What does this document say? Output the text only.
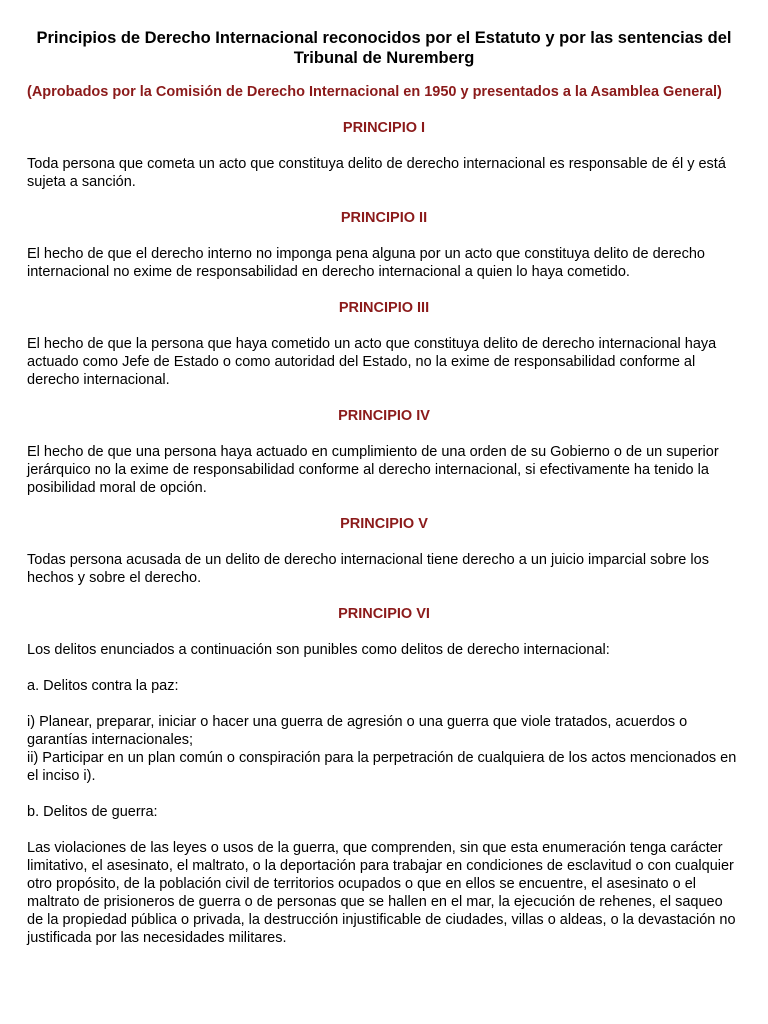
Principios de Derecho Internacional reconocidos por el Estatuto y por las sentencias del Tribunal de Nuremberg

(Aprobados por la Comisión de Derecho Internacional en 1950 y presentados a la Asamblea General)

PRINCIPIO I

Toda persona que cometa un acto que constituya delito de derecho internacional es responsable de él y está sujeta a sanción.

PRINCIPIO II

El hecho de que el derecho interno no imponga pena alguna por un acto que constituya delito de derecho internacional no exime de responsabilidad en derecho internacional a quien lo haya cometido.

PRINCIPIO III

El hecho de que la persona que haya cometido un acto que constituya delito de derecho internacional haya actuado como Jefe de Estado o como autoridad del Estado, no la exime de responsabilidad conforme al derecho internacional.

PRINCIPIO IV

El hecho de que una persona haya actuado en cumplimiento de una orden de su Gobierno o de un superior jerárquico no la exime de responsabilidad conforme al derecho internacional, si efectivamente ha tenido la posibilidad moral de opción.

PRINCIPIO V

Todas persona acusada de un delito de derecho internacional tiene derecho a un juicio imparcial sobre los hechos y sobre el derecho.

PRINCIPIO VI

Los delitos enunciados a continuación son punibles como delitos de derecho internacional:

a. Delitos contra la paz:

i) Planear, preparar, iniciar o hacer una guerra de agresión o una guerra que viole tratados, acuerdos o garantías internacionales;

ii) Participar en un plan común o conspiración para la perpetración de cualquiera de los actos mencionados en el inciso i).

b. Delitos de guerra:

Las violaciones de las leyes o usos de la guerra, que comprenden, sin que esta enumeración tenga carácter limitativo, el asesinato, el maltrato, o la deportación para trabajar en condiciones de esclavitud o con cualquier otro propósito, de la población civil de territorios ocupados o que en ellos se encuentre, el asesinato o el maltrato de prisioneros de guerra o de personas que se hallen en el mar, la ejecución de rehenes, el saqueo de la propiedad pública o privada, la destrucción injustificable de ciudades, villas o aldeas, o la devastación no justificada por las necesidades militares.
